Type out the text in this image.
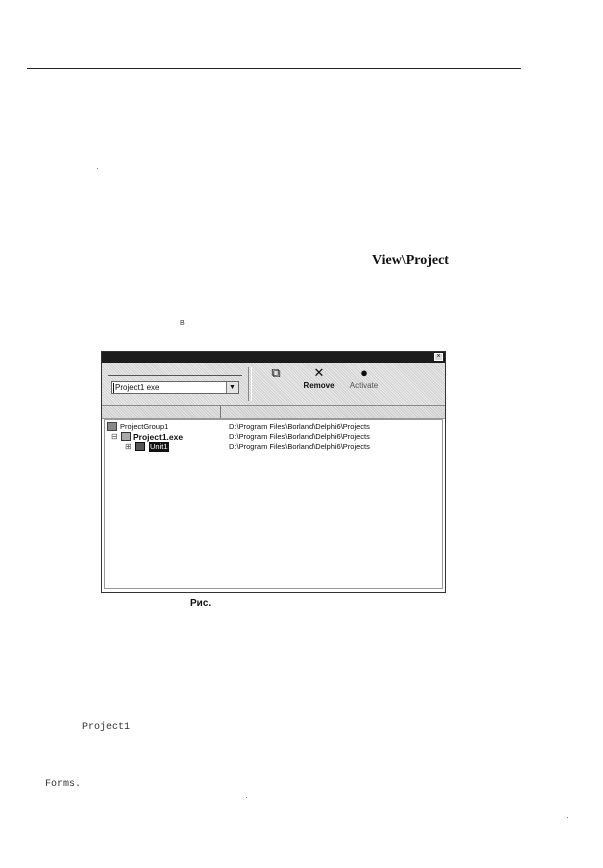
View\Project
В
×
Project1 exe	▼
⧉	✕
Remove
●
Activate
ProjectGroup1	D:\Program Files\Borland\Delphi6\Projects
⊟ Project1.exe	D:\Program Files\Borland\Delphi6\Projects
⊞ Unit1	D:\Program Files\Borland\Delphi6\Projects
Рис.
Project1
Forms.
